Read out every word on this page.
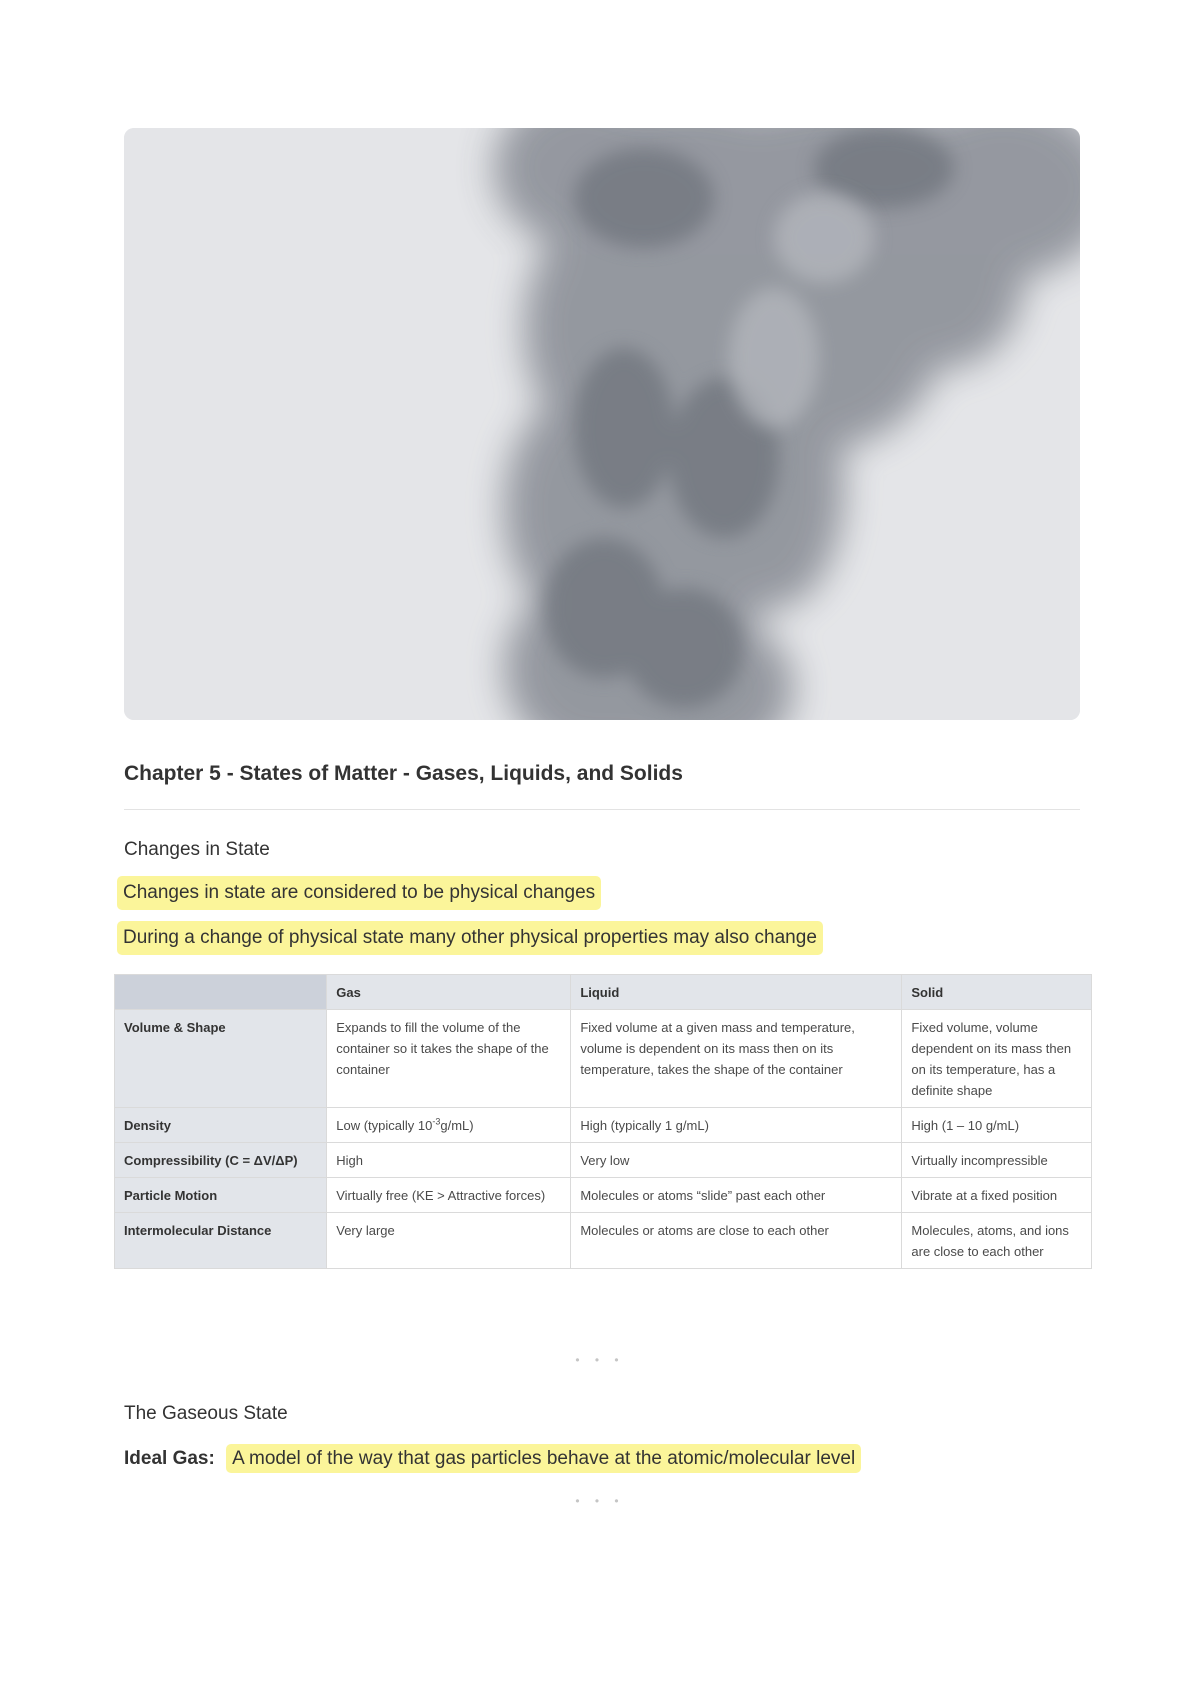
Chapter 5 - States of Matter - Gases, Liquids, and Solids
Changes in State
Changes in state are considered to be physical changes
During a change of physical state many other physical properties may also change
	Gas	Liquid	Solid
Volume & Shape	Expands to fill the volume of the container so it takes the shape of the container	Fixed volume at a given mass and temperature, volume is dependent on its mass then on its temperature, takes the shape of the container	Fixed volume, volume dependent on its mass then on its temperature, has a definite shape
Density	Low (typically $10^{-3}g/mL$)	High (typically 1 g/mL)	High (1 – 10 g/mL)
Compressibility (C = ΔV/ΔP)	High	Very low	Virtually incompressible
Particle Motion	Virtually free (KE > Attractive forces)	Molecules or atoms “slide” past each other	Vibrate at a fixed position
Intermolecular Distance	Very large	Molecules or atoms are close to each other	Molecules, atoms, and ions are close to each other
• • •
The Gaseous State
Ideal Gas: A model of the way that gas particles behave at the atomic/molecular level
• • •
